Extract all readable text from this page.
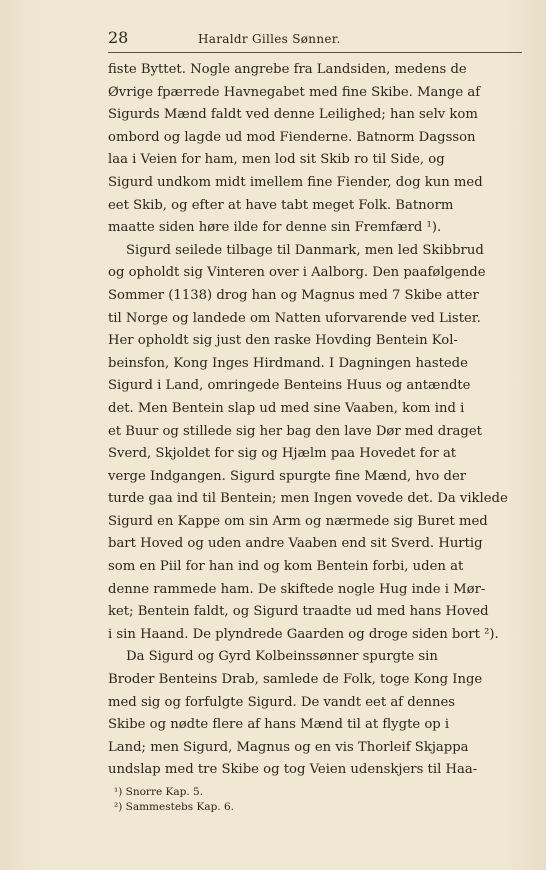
28	Haraldr Gilles Sønner.
fiste Byttet. Nogle angrebe fra Landsiden, medens de
Øvrige fpærrede Havnegabet med fine Skibe. Mange af
Sigurds Mænd faldt ved denne Leilighed; han selv kom
ombord og lagde ud mod Fienderne. Batnorm Dagsson
laa i Veien for ham, men lod sit Skib ro til Side, og
Sigurd undkom midt imellem fine Fiender, dog kun med
eet Skib, og efter at have tabt meget Folk. Batnorm
maatte siden høre ilde for denne sin Fremfærd ¹).
Sigurd seilede tilbage til Danmark, men led Skibbrud
og opholdt sig Vinteren over i Aalborg. Den paafølgende
Sommer (1138) drog han og Magnus med 7 Skibe atter
til Norge og landede om Natten uforvarende ved Lister.
Her opholdt sig just den raske Hovding Bentein Kol-
beinsfon, Kong Inges Hirdmand. I Dagningen hastede
Sigurd i Land, omringede Benteins Huus og antændte
det. Men Bentein slap ud med sine Vaaben, kom ind i
et Buur og stillede sig her bag den lave Dør med draget
Sverd, Skjoldet for sig og Hjælm paa Hovedet for at
verge Indgangen. Sigurd spurgte fine Mænd, hvo der
turde gaa ind til Bentein; men Ingen vovede det. Da viklede
Sigurd en Kappe om sin Arm og nærmede sig Buret med
bart Hoved og uden andre Vaaben end sit Sverd. Hurtig
som en Piil for han ind og kom Bentein forbi, uden at
denne rammede ham. De skiftede nogle Hug inde i Mør-
ket; Bentein faldt, og Sigurd traadte ud med hans Hoved
i sin Haand. De plyndrede Gaarden og droge siden bort ²).
Da Sigurd og Gyrd Kolbeinssønner spurgte sin
Broder Benteins Drab, samlede de Folk, toge Kong Inge
med sig og forfulgte Sigurd. De vandt eet af dennes
Skibe og nødte flere af hans Mænd til at flygte op i
Land; men Sigurd, Magnus og en vis Thorleif Skjappa
undslap med tre Skibe og tog Veien udenskjers til Haa-
¹) Snorre Kap. 5.
²) Sammestebs Kap. 6.
